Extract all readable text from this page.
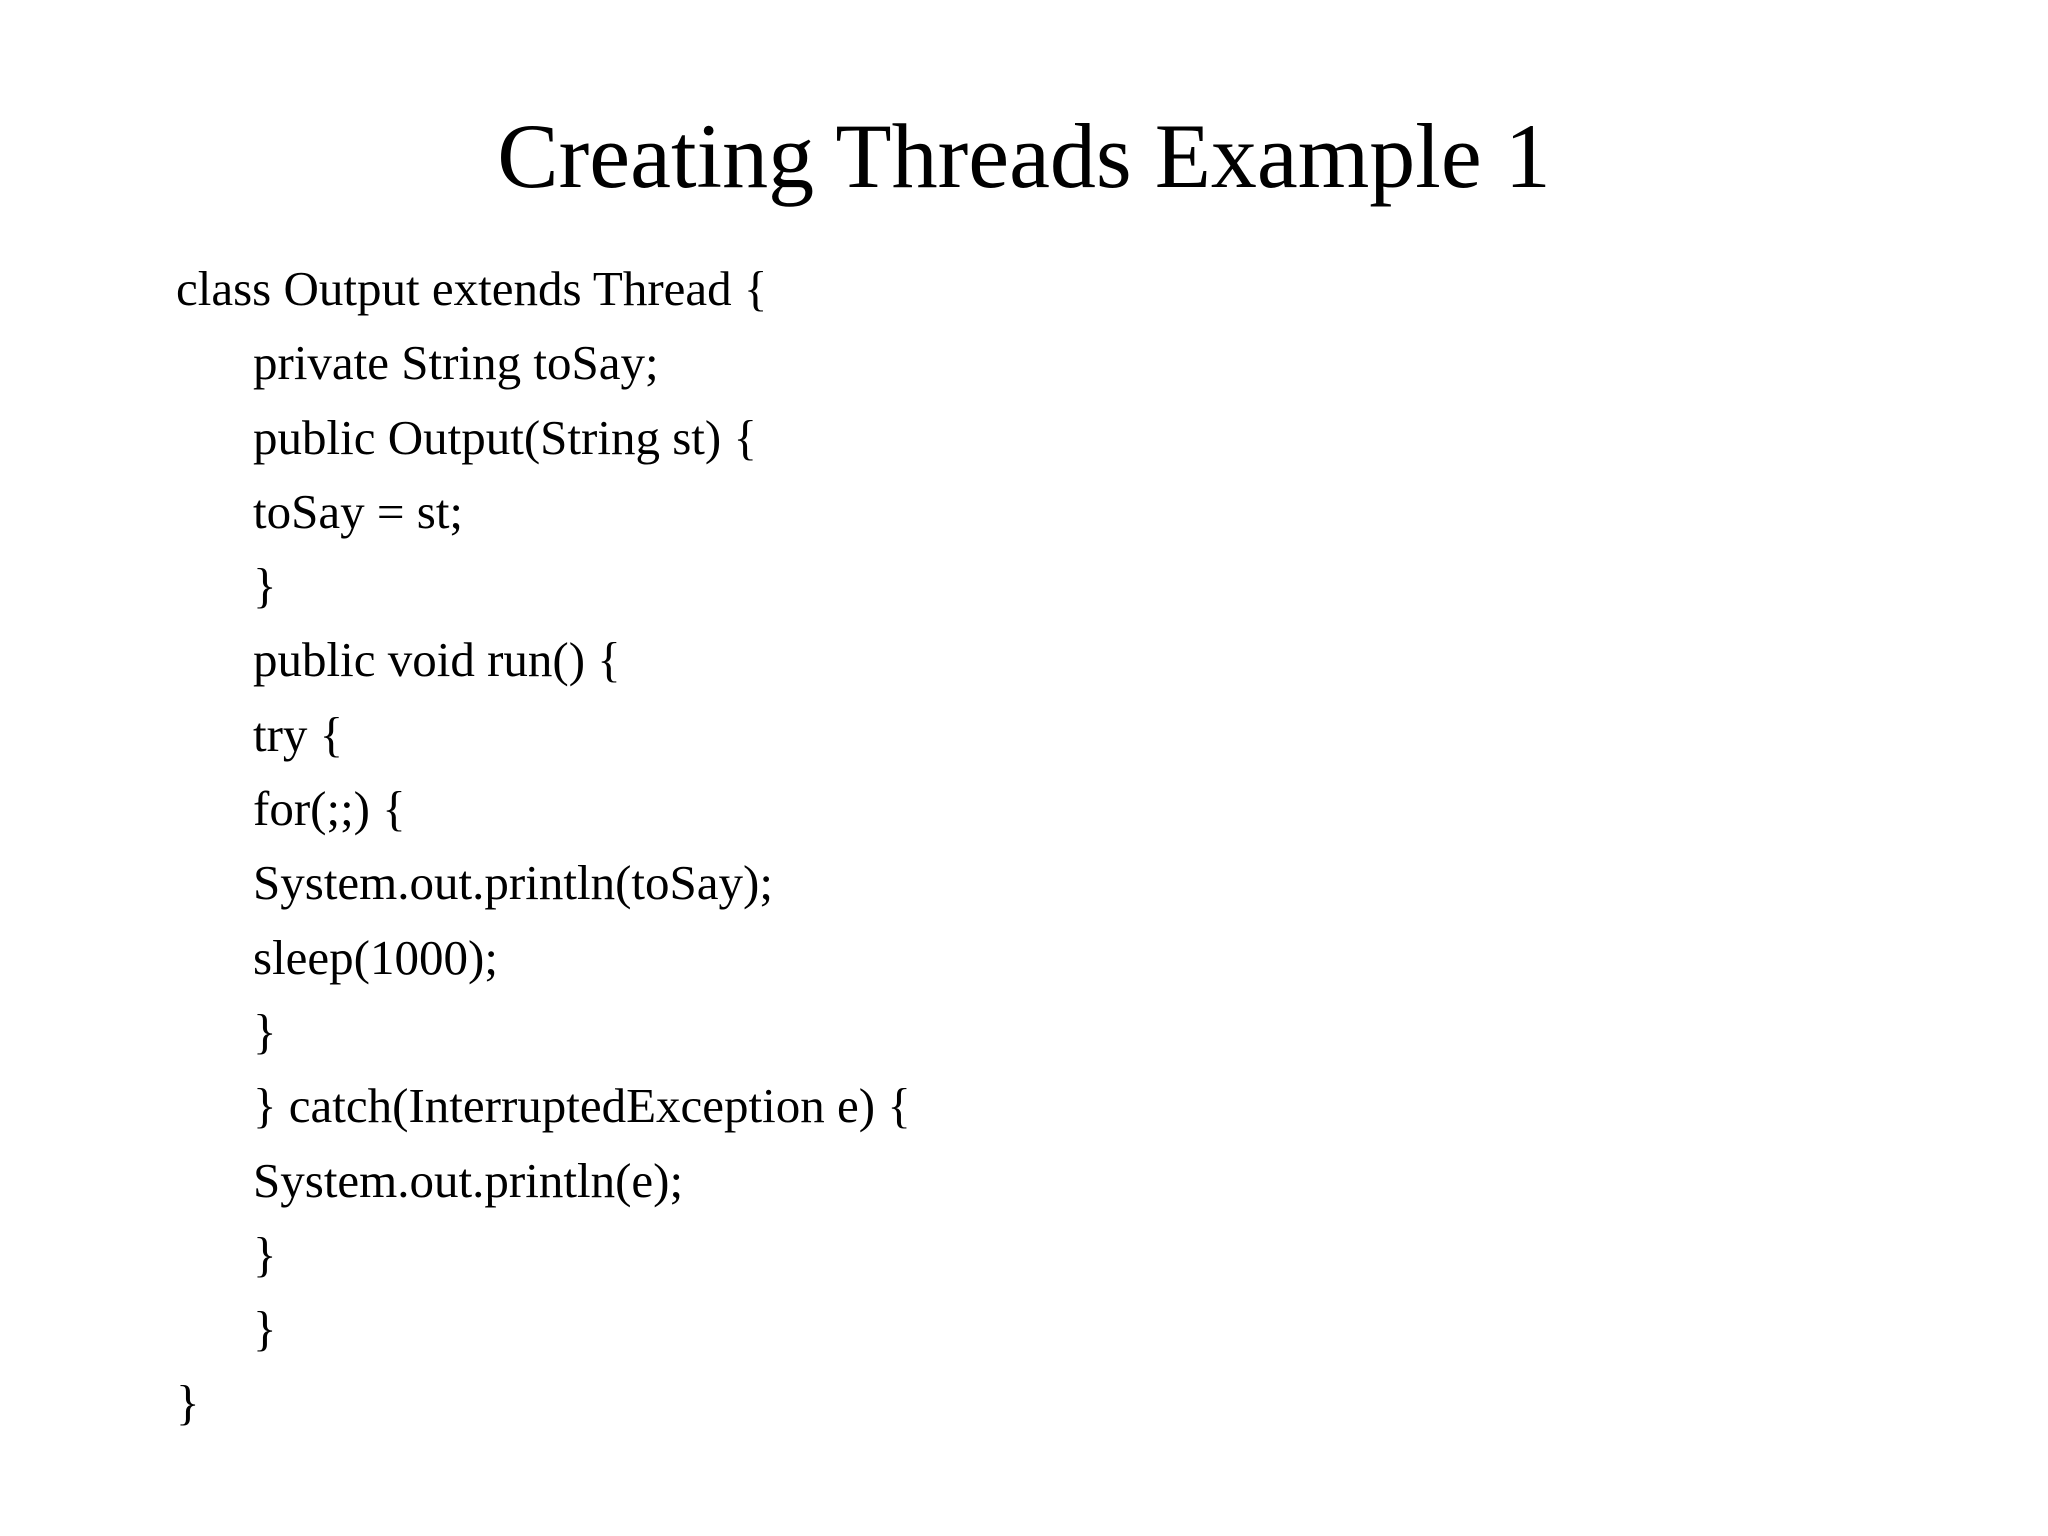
Creating Threads Example 1
class Output extends Thread {
private String toSay;
public Output(String st) {
toSay = st;
}
public void run() {
try {
for(;;) {
System.out.println(toSay);
sleep(1000);
}
} catch(InterruptedException e) {
System.out.println(e);
}
}
}
